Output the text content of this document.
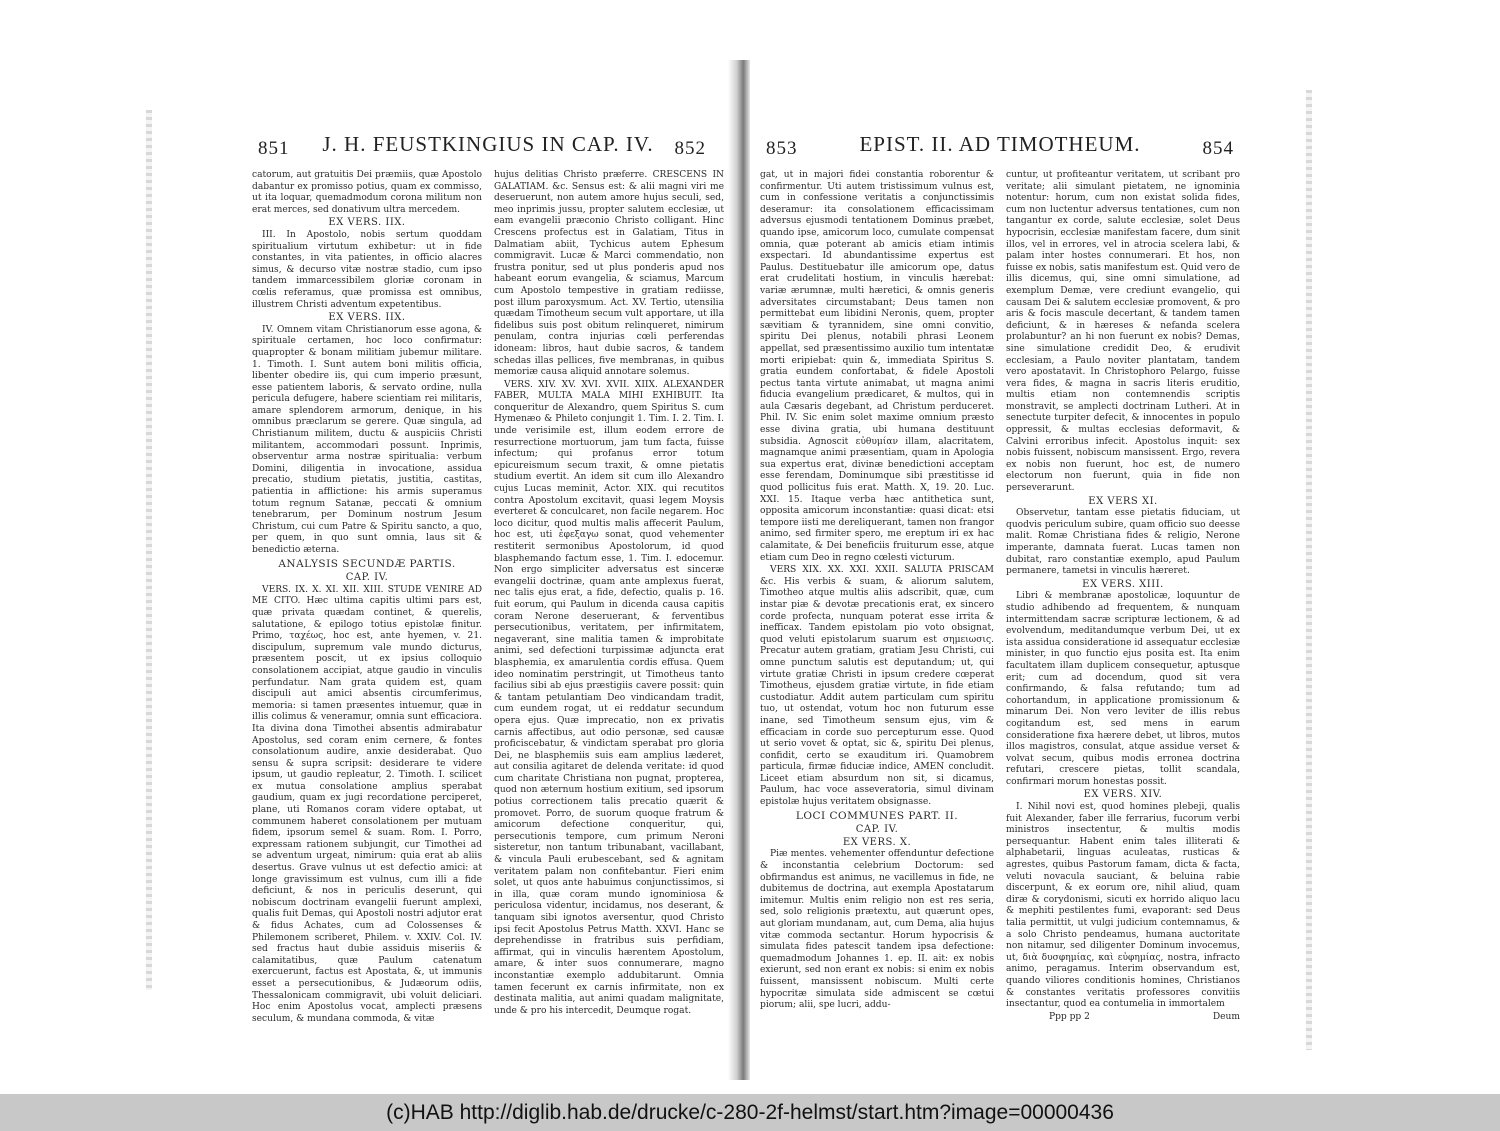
851	J. H. FEUSTKINGIUS IN CAP. IV.	852

catorum, aut gratuitis Dei præmiis, quæ Apostolo dabantur ex promisso potius, quam ex commisso, ut ita loquar, quemadmodum corona militum non erat merces, sed donativum ultra mercedem.

EX VERS. IIX.

III. In Apostolo, nobis sertum quoddam spiritualium virtutum exhibetur: ut in fide constantes, in vita patientes, in officio alacres simus, & decurso vitæ nostræ stadio, cum ipso tandem immarcessibilem gloriæ coronam in cœlis referamus, quæ promissa est omnibus, illustrem Christi adventum expetentibus.

EX VERS. IIX.

IV. Omnem vitam Christianorum esse agona, & spirituale certamen, hoc loco confirmatur: quapropter & bonam militiam jubemur militare. 1. Timoth. I. Sunt autem boni militis officia, libenter obedire iis, qui cum imperio præsunt, esse patientem laboris, & servato ordine, nulla pericula defugere, habere scientiam rei militaris, amare splendorem armorum, denique, in his omnibus præclarum se gerere. Quæ singula, ad Christianum militem, ductu & auspiciis Christi militantem, accommodari possunt. Inprimis, observentur arma nostræ spiritualia: verbum Domini, diligentia in invocatione, assidua precatio, studium pietatis, justitia, castitas, patientia in afflictione: his armis superamus totum regnum Satanæ, peccati & omnium tenebrarum, per Dominum nostrum Jesum Christum, cui cum Patre & Spiritu sancto, a quo, per quem, in quo sunt omnia, laus sit & benedictio æterna.

ANALYSIS SECUNDÆ PARTIS.
CAP. IV.

VERS. IX. X. XI. XII. XIII. STUDE VENIRE AD ME CITO. Hæc ultima capitis ultimi pars est, quæ privata quædam continet, & querelis, salutatione, & epilogo totius epistolæ finitur. Primo, ταχέως, hoc est, ante hyemen, v. 21. discipulum, supremum vale mundo dicturus, præsentem poscit, ut ex ipsius colloquio consolationem accipiat, atque gaudio in vinculis perfundatur. Nam grata quidem est, quam discipuli aut amici absentis circumferimus, memoria: si tamen præsentes intuemur, quæ in illis colimus & veneramur, omnia sunt efficaciora. Ita divina dona Timothei absentis admirabatur Apostolus, sed coram enim cernere, & fontes consolationum audire, anxie desiderabat. Quo sensu & supra scripsit: desiderare te videre ipsum, ut gaudio repleatur, 2. Timoth. I. scilicet ex mutua consolatione amplius sperabat gaudium, quam ex jugi recordatione perciperet, plane, uti Romanos coram videre optabat, ut communem haberet consolationem per mutuam fidem, ipsorum semel & suam. Rom. I. Porro, expressam rationem subjungit, cur Timothei ad se adventum urgeat, nimirum: quia erat ab aliis desertus. Grave vulnus ut est defectio amici: at longe gravissimum est vulnus, cum illi a fide deficiunt, & nos in periculis deserunt, qui nobiscum doctrinam evangelii fuerunt amplexi, qualis fuit Demas, qui Apostoli nostri adjutor erat & fidus Achates, cum ad Colossenses & Philemonem scriberet, Philem. v. XXIV. Col. IV. sed fractus haut dubie assiduis miseriis & calamitatibus, quæ Paulum catenatum exercuerunt, factus est Apostata, &, ut immunis esset a persecutionibus, & Judæorum odiis, Thessalonicam commigravit, ubi voluit deliciari. Hoc enim Apostolus vocat, amplecti præsens seculum, & mundana commoda, & vitæ

hujus delitias Christo præferre. CRESCENS IN GALATIAM. &c. Sensus est: & alii magni viri me deseruerunt, non autem amore hujus seculi, sed, meo inprimis jussu, propter salutem ecclesiæ, ut eam evangelii præconio Christo colligant. Hinc Crescens profectus est in Galatiam, Titus in Dalmatiam abiit, Tychicus autem Ephesum commigravit. Lucæ & Marci commendatio, non frustra ponitur, sed ut plus ponderis apud nos habeant eorum evangelia, & sciamus, Marcum cum Apostolo tempestive in gratiam rediisse, post illum paroxysmum. Act. XV. Tertio, utensilia quædam Timotheum secum vult apportare, ut illa fidelibus suis post obitum relinqueret, nimirum penulam, contra injurias cœli perferendas idoneam: libros, haut dubie sacros, & tandem schedas illas pellices, five membranas, in quibus memoriæ causa aliquid annotare solemus.

VERS. XIV. XV. XVI. XVII. XIIX. ALEXANDER FABER, MULTA MALA MIHI EXHIBUIT. Ita conqueritur de Alexandro, quem Spiritus S. cum Hymenæo & Phileto conjungit 1. Tim. I. 2. Tim. I. unde verisimile est, illum eodem errore de resurrectione mortuorum, jam tum facta, fuisse infectum; qui profanus error totum epicureismum secum traxit, & omne pietatis studium evertit. An idem sit cum illo Alexandro cujus Lucas meminit, Actor. XIX. qui recutitos contra Apostolum excitavit, quasi legem Moysis everteret & conculcaret, non facile negarem. Hoc loco dicitur, quod multis malis affecerit Paulum, hoc est, uti ἐφεξαγω sonat, quod vehementer restiterit sermonibus Apostolorum, id quod blasphemando factum esse, 1. Tim. I. edocemur. Non ergo simpliciter adversatus est sinceræ evangelii doctrinæ, quam ante amplexus fuerat, nec talis ejus erat, a fide, defectio, qualis p. 16. fuit eorum, qui Paulum in dicenda causa capitis coram Nerone deseruerant, & ferventibus persecutionibus, veritatem, per infirmitatem, negaverant, sine malitia tamen & improbitate animi, sed defectioni turpissimæ adjuncta erat blasphemia, ex amarulentia cordis effusa. Quem ideo nominatim perstringit, ut Timotheus tanto facilius sibi ab ejus præstigiis cavere possit: quin & tantam petulantiam Deo vindicandam tradit, cum eundem rogat, ut ei reddatur secundum opera ejus. Quæ imprecatio, non ex privatis carnis affectibus, aut odio personæ, sed causæ proficiscebatur, & vindictam sperabat pro gloria Dei, ne blasphemiis suis eam amplius læderet, aut consilia agitaret de delenda veritate: id quod cum charitate Christiana non pugnat, propterea, quod non æternum hostium exitium, sed ipsorum potius correctionem talis precatio quærit & promovet. Porro, de suorum quoque fratrum & amicorum defectione conqueritur, qui, persecutionis tempore, cum primum Neroni sisteretur, non tantum tribunabant, vacillabant, & vincula Pauli erubescebant, sed & agnitam veritatem palam non confitebantur. Fieri enim solet, ut quos ante habuimus conjunctissimos, si in illa, quæ coram mundo ignominiosa & periculosa videntur, incidamus, nos deserant, & tanquam sibi ignotos aversentur, quod Christo ipsi fecit Apostolus Petrus Matth. XXVI. Hanc se deprehendisse in fratribus suis perfidiam, affirmat, qui in vinculis hærentem Apostolum, amare, & inter suos connumerare, magno inconstantiæ exemplo addubitarunt. Omnia tamen fecerunt ex carnis infirmitate, non ex destinata malitia, aut animi quadam malignitate, unde & pro his intercedit, Deumque rogat.

853	EPIST. II. AD TIMOTHEUM.	854

gat, ut in majori fidei constantia roborentur & confirmentur. Uti autem tristissimum vulnus est, cum in confessione veritatis a conjunctissimis deseramur: ita consolationem efficacissimam adversus ejusmodi tentationem Dominus præbet, quando ipse, amicorum loco, cumulate compensat omnia, quæ poterant ab amicis etiam intimis exspectari. Id abundantissime expertus est Paulus. Destituebatur ille amicorum ope, datus erat crudelitati hostium, in vinculis hærebat: variæ ærumnæ, multi hæretici, & omnis generis adversitates circumstabant; Deus tamen non permittebat eum libidini Neronis, quem, propter sævitiam & tyrannidem, sine omni convitio, spiritu Dei plenus, notabili phrasi Leonem appellat, sed præsentissimo auxilio tum intentatæ morti eripiebat: quin &, immediata Spiritus S. gratia eundem confortabat, & fidele Apostoli pectus tanta virtute animabat, ut magna animi fiducia evangelium prædicaret, & multos, qui in aula Cæsaris degebant, ad Christum perduceret. Phil. IV. Sic enim solet maxime omnium præsto esse divina gratia, ubi humana destituunt subsidia. Agnoscit εὐθυμίαν illam, alacritatem, magnamque animi præsentiam, quam in Apologia sua expertus erat, divinæ benedictioni acceptam esse ferendam, Dominumque sibi præstitisse id quod pollicitus fuis erat. Matth. X, 19. 20. Luc. XXI. 15. Itaque verba hæc antithetica sunt, opposita amicorum inconstantiæ: quasi dicat: etsi tempore iisti me dereliquerant, tamen non frangor animo, sed firmiter spero, me ereptum iri ex hac calamitate, & Dei beneficiis fruiturum esse, atque etiam cum Deo in regno cœlesti victurum.

VERS XIX. XX. XXI. XXII. SALUTA PRISCAM &c. His verbis & suam, & aliorum salutem, Timotheo atque multis aliis adscribit, quæ, cum instar piæ & devotæ precationis erat, ex sincero corde profecta, nunquam poterat esse irrita & inefficax. Tandem epistolam pio voto obsignat, quod veluti epistolarum suarum est σημειωσις. Precatur autem gratiam, gratiam Jesu Christi, cui omne punctum salutis est deputandum; ut, qui virtute gratiæ Christi in ipsum credere cœperat Timotheus, ejusdem gratiæ virtute, in fide etiam custodiatur. Addit autem particulam cum spiritu tuo, ut ostendat, votum hoc non futurum esse inane, sed Timotheum sensum ejus, vim & efficaciam in corde suo percepturum esse. Quod ut serio vovet & optat, sic &, spiritu Dei plenus, confidit, certo se exauditum iri. Quamobrem particula, firmæ fiduciæ indice, AMEN concludit. Liceet etiam absurdum non sit, si dicamus, Paulum, hac voce asseveratoria, simul divinam epistolæ hujus veritatem obsignasse.

LOCI COMMUNES PART. II.
CAP. IV.
EX VERS. X.

Piæ mentes. vehementer offenduntur defectione & inconstantia celebrium Doctorum: sed obfirmandus est animus, ne vacillemus in fide, ne dubitemus de doctrina, aut exempla Apostatarum imitemur. Multis enim religio non est res seria, sed, solo religionis prætextu, aut quærunt opes, aut gloriam mundanam, aut, cum Dema, alia hujus vitæ commoda sectantur. Horum hypocrisis & simulata fides patescit tandem ipsa defectione: quemadmodum Johannes 1. ep. II. ait: ex nobis exierunt, sed non erant ex nobis: si enim ex nobis fuissent, mansissent nobiscum. Multi certe hypocritæ simulata side admiscent se cœtui piorum; alii, spe lucri, addu-

cuntur, ut profiteantur veritatem, ut scribant pro veritate; alii simulant pietatem, ne ignominia notentur: horum, cum non existat solida fides, cum non luctentur adversus tentationes, cum non tangantur ex corde, salute ecclesiæ, solet Deus hypocrisin, ecclesiæ manifestam facere, dum sinit illos, vel in errores, vel in atrocia scelera labi, & palam inter hostes connumerari. Et hos, non fuisse ex nobis, satis manifestum est. Quid vero de illis dicemus, qui, sine omni simulatione, ad exemplum Demæ, vere crediunt evangelio, qui causam Dei & salutem ecclesiæ promovent, & pro aris & focis mascule decertant, & tandem tamen deficiunt, & in hæreses & nefanda scelera prolabuntur? an hi non fuerunt ex nobis? Demas, sine simulatione credidit Deo, & erudivit ecclesiam, a Paulo noviter plantatam, tandem vero apostatavit. In Christophoro Pelargo, fuisse vera fides, & magna in sacris literis eruditio, multis etiam non contemnendis scriptis monstravit, se amplecti doctrinam Lutheri. At in senectute turpiter defecit, & innocentes in populo oppressit, & multas ecclesias deformavit, & Calvini erroribus infecit. Apostolus inquit: sex nobis fuissent, nobiscum mansissent. Ergo, revera ex nobis non fuerunt, hoc est, de numero electorum non fuerunt, quia in fide non perseverarunt.

EX VERS XI.

Observetur, tantam esse pietatis fiduciam, ut quodvis periculum subire, quam officio suo deesse malit. Romæ Christiana fides & religio, Nerone imperante, damnata fuerat. Lucas tamen non dubitat, raro constantiæ exemplo, apud Paulum permanere, tametsi in vinculis hæreret.

EX VERS. XIII.

Libri & membranæ apostolicæ, loquuntur de studio adhibendo ad frequentem, & nunquam intermittendam sacræ scripturæ lectionem, & ad evolvendum, meditandumque verbum Dei, ut ex ista assidua consideratione id assequatur ecclesiæ minister, in quo functio ejus posita est. Ita enim facultatem illam duplicem consequetur, aptusque erit; cum ad docendum, quod sit vera confirmando, & falsa refutando; tum ad cohortandum, in applicatione promissionum & minarum Dei. Non vero leviter de illis rebus cogitandum est, sed mens in earum consideratione fixa hærere debet, ut libros, mutos illos magistros, consulat, atque assidue verset & volvat secum, quibus modis erronea doctrina refutari, crescere pietas, tollit scandala, confirmari morum honestas possit.

EX VERS. XIV.

I. Nihil novi est, quod homines plebeji, qualis fuit Alexander, faber ille ferrarius, fucorum verbi ministros insectentur, & multis modis persequantur. Habent enim tales illiterati & alphabetarii, linguas aculeatas, rusticas & agrestes, quibus Pastorum famam, dicta & facta, veluti novacula sauciant, & beluina rabie discerpunt, & ex eorum ore, nihil aliud, quam diræ & corydonismi, sicuti ex horrido aliquo lacu & mephiti pestilentes fumi, evaporant: sed Deus talia permittit, ut vulgi judicium contemnamus, & a solo Christo pendeamus, humana auctoritate non nitamur, sed diligenter Dominum invocemus, ut, διὰ δυσφημίας, καὶ εὐφημίας, nostra, infracto animo, peragamus. Interim observandum est, quando viliores conditionis homines, Christianos & constantes veritatis professores convitiis insectantur, quod ea contumelia in immortalem

Ppp pp 2	Deum
(c)HAB http://diglib.hab.de/drucke/c-280-2f-helmst/start.htm?image=00000436
